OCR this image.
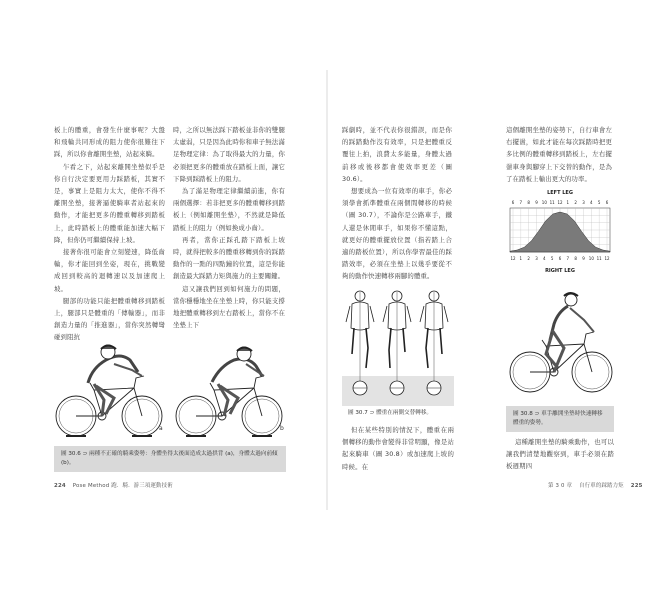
板上的體重，會發生什麼事呢？大盤和飛輪共同形成的阻力使你很難往下踩，所以你會離開坐墊，站起來騎。

乍看之下，站起來離開坐墊似乎是你自行決定要更用力踩踏板，其實不是，事實上是阻力太大，使你不得不離開坐墊，接著逼使騎車者站起來的動作，才能把更多的體重轉移到踏板上，此時踏板上的體重能加速大幅下降，但你仍可繼續保持上坡。

接著你很可能會立刻變速，降低齒輪，你才能回到坐姿，現在，挑戰變成回到較高的迴轉速以及加速爬上坡。

腿部的功能只能把體重轉移到踏板上，腿部只是體重的「傳輸器」，而非創造力量的「推進器」，當你突然轉彎碰到阻抗

時，之所以無法踩下踏板並非你的雙腿太虛弱，只是因為此時你和車子無法滿足物理定律：為了取得最大的力量，你必須把更多的體重放在踏板上面，讓它下降到踩踏板上的阻力。

為了滿足物理定律繼續前進，你有兩個選擇：若非把更多的體重轉移到踏板上（例如離開坐墊），不然就是降低踏板上的阻力（例如換成小齒）。

再者，當你正踩孔踏下踏板上坡時，就得把較多的體重移轉到你的踩踏動作的一點的四點鐘的位置，這是你能創造最大踩踏力矩與施力的主要關鍵。

這又讓我們回到如何施力的問題，當你穩穩地坐在坐墊上時，你只能支撐地把體重轉移到左右踏板上，當你不在坐墊上下

a	b
圖 30.6 ⊃ 兩種不正確的騎乘姿勢：身體坐得太後面造成太過拱背 (a)，身體太過向前傾 (b)。
224 Pose Method 跑．騎．游三項運動技術

踩劇時，並不代表你很錯誤，而是你的踩踏動作沒有效率，只是把體重反覆往上拍，浪費太多能量，身體太過前移或後移都會使效率更差（圖 30.6）。

想要成為一位有效率的車手，你必須學會抓準體重在兩個間轉移的時候（圖 30.7），不論你是公路車手，鐵人還是休閒車手，如果你不懂這點，就更好的體重擺放位置（指若踏上合適的踏板位置），所以你學習最佳的踩踏效率，必須在坐墊上以幾乎要從不夠的動作快速轉移兩腳的體重。

圖 30.7 ⊃ 體重在兩側交替轉移。

但在某些特別的情況下，體重在兩個轉移的動作會變得非常明顯，像是站起來騎車（圖 30.8）或加速爬上坡的時候。在

這個離開坐墊的姿勢下，自行車會左右擺盪，如此才能在每次踩踏時把更多比例的體重轉移到踏板上，左右擺盪車身與腳穿上下交替的動作，是為了在踏板上輸出更大的功率。

LEFT LEG
6 7 8 9 10 11 12 1 2 3 4 5 6
12 1 2 3 4 5 6 7 8 9 10 11 12
RIGHT LEG
圖 30.8 ⊃ 車手離開坐墊時快速轉移體重的姿勢。

這種離開坐墊的騎乘動作，也可以讓我們清楚地觀察到，車手必須在踏板週期四

第 3 0 章 自行車的踩踏力矩 225
